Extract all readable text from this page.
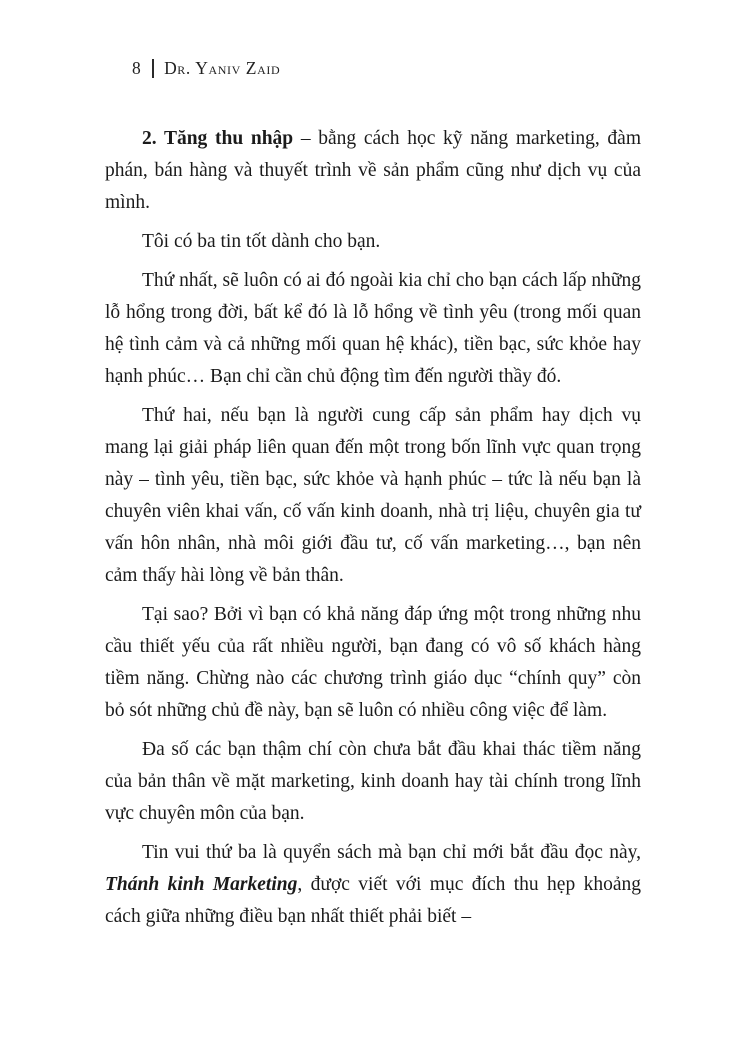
8 Dr. Yaniv Zaid

2. Tăng thu nhập – bằng cách học kỹ năng marketing, đàm phán, bán hàng và thuyết trình về sản phẩm cũng như dịch vụ của mình.

Tôi có ba tin tốt dành cho bạn.

Thứ nhất, sẽ luôn có ai đó ngoài kia chỉ cho bạn cách lấp những lỗ hổng trong đời, bất kể đó là lỗ hổng về tình yêu (trong mối quan hệ tình cảm và cả những mối quan hệ khác), tiền bạc, sức khỏe hay hạnh phúc… Bạn chỉ cần chủ động tìm đến người thầy đó.

Thứ hai, nếu bạn là người cung cấp sản phẩm hay dịch vụ mang lại giải pháp liên quan đến một trong bốn lĩnh vực quan trọng này – tình yêu, tiền bạc, sức khỏe và hạnh phúc – tức là nếu bạn là chuyên viên khai vấn, cố vấn kinh doanh, nhà trị liệu, chuyên gia tư vấn hôn nhân, nhà môi giới đầu tư, cố vấn marketing…, bạn nên cảm thấy hài lòng về bản thân.

Tại sao? Bởi vì bạn có khả năng đáp ứng một trong những nhu cầu thiết yếu của rất nhiều người, bạn đang có vô số khách hàng tiềm năng. Chừng nào các chương trình giáo dục “chính quy” còn bỏ sót những chủ đề này, bạn sẽ luôn có nhiều công việc để làm.

Đa số các bạn thậm chí còn chưa bắt đầu khai thác tiềm năng của bản thân về mặt marketing, kinh doanh hay tài chính trong lĩnh vực chuyên môn của bạn.

Tin vui thứ ba là quyển sách mà bạn chỉ mới bắt đầu đọc này, Thánh kinh Marketing, được viết với mục đích thu hẹp khoảng cách giữa những điều bạn nhất thiết phải biết –
